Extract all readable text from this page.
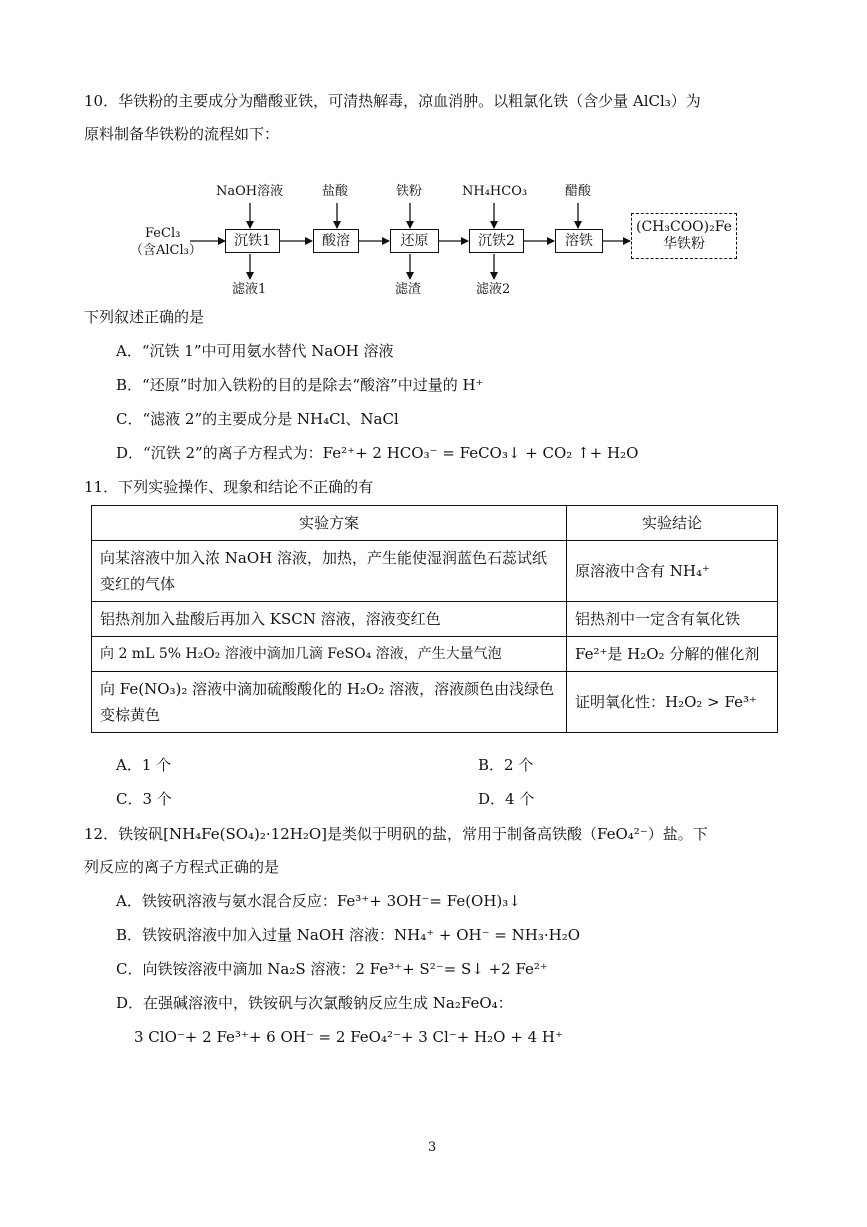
10．华铁粉的主要成分为醋酸亚铁，可清热解毒，凉血消肿。以粗氯化铁（含少量 AlCl₃）为
原料制备华铁粉的流程如下：
FeCl₃
（含AlCl₃）
NaOH溶液	盐酸	铁粉	NH₄HCO₃	醋酸
沉铁1	酸溶	还原	沉铁2	溶铁
(CH₃COO)₂Fe
华铁粉
滤液1	滤渣	滤液2
下列叙述正确的是
A．“沉铁 1”中可用氨水替代 NaOH 溶液
B．“还原”时加入铁粉的目的是除去“酸溶”中过量的 H⁺
C．“滤液 2”的主要成分是 NH₄Cl、NaCl
D．“沉铁 2”的离子方程式为：Fe²⁺+ 2 HCO₃⁻ = FeCO₃↓ + CO₂ ↑+ H₂O
11．下列实验操作、现象和结论不正确的有
实验方案	实验结论
向某溶液中加入浓 NaOH 溶液，加热，产生能使湿润蓝色石蕊试纸变红的气体	原溶液中含有 NH₄⁺
铝热剂加入盐酸后再加入 KSCN 溶液，溶液变红色	铝热剂中一定含有氧化铁
向 2 mL 5% H₂O₂ 溶液中滴加几滴 FeSO₄ 溶液，产生大量气泡	Fe²⁺是 H₂O₂ 分解的催化剂
向 Fe(NO₃)₂ 溶液中滴加硫酸酸化的 H₂O₂ 溶液，溶液颜色由浅绿色变棕黄色	证明氧化性：H₂O₂ > Fe³⁺
A．1 个	B．2 个
C．3 个	D．4 个
12．铁铵矾[NH₄Fe(SO₄)₂·12H₂O]是类似于明矾的盐，常用于制备高铁酸（FeO₄²⁻）盐。下
列反应的离子方程式正确的是
A．铁铵矾溶液与氨水混合反应：Fe³⁺+ 3OH⁻= Fe(OH)₃↓
B．铁铵矾溶液中加入过量 NaOH 溶液：NH₄⁺ + OH⁻ = NH₃·H₂O
C．向铁铵溶液中滴加 Na₂S 溶液：2 Fe³⁺+ S²⁻= S↓ +2 Fe²⁺
D．在强碱溶液中，铁铵矾与次氯酸钠反应生成 Na₂FeO₄：
3 ClO⁻+ 2 Fe³⁺+ 6 OH⁻ = 2 FeO₄²⁻+ 3 Cl⁻+ H₂O + 4 H⁺
3
